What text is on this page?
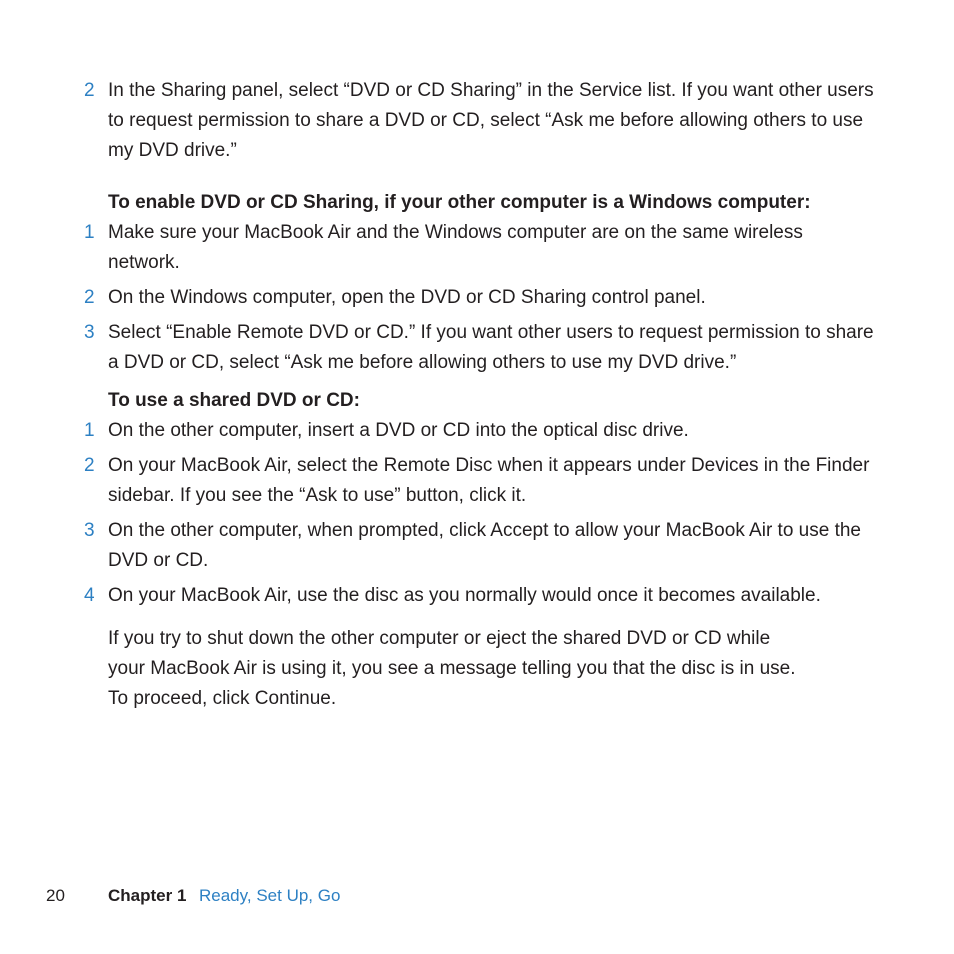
2 In the Sharing panel, select “DVD or CD Sharing” in the Service list. If you want other users to request permission to share a DVD or CD, select “Ask me before allowing others to use my DVD drive.”
To enable DVD or CD Sharing, if your other computer is a Windows computer:
1 Make sure your MacBook Air and the Windows computer are on the same wireless network.
2 On the Windows computer, open the DVD or CD Sharing control panel.
3 Select “Enable Remote DVD or CD.” If you want other users to request permission to share a DVD or CD, select “Ask me before allowing others to use my DVD drive.”
To use a shared DVD or CD:
1 On the other computer, insert a DVD or CD into the optical disc drive.
2 On your MacBook Air, select the Remote Disc when it appears under Devices in the Finder sidebar. If you see the “Ask to use” button, click it.
3 On the other computer, when prompted, click Accept to allow your MacBook Air to use the DVD or CD.
4 On your MacBook Air, use the disc as you normally would once it becomes available.
If you try to shut down the other computer or eject the shared DVD or CD while
your MacBook Air is using it, you see a message telling you that the disc is in use.
To proceed, click Continue.
20	Chapter 1 Ready, Set Up, Go
